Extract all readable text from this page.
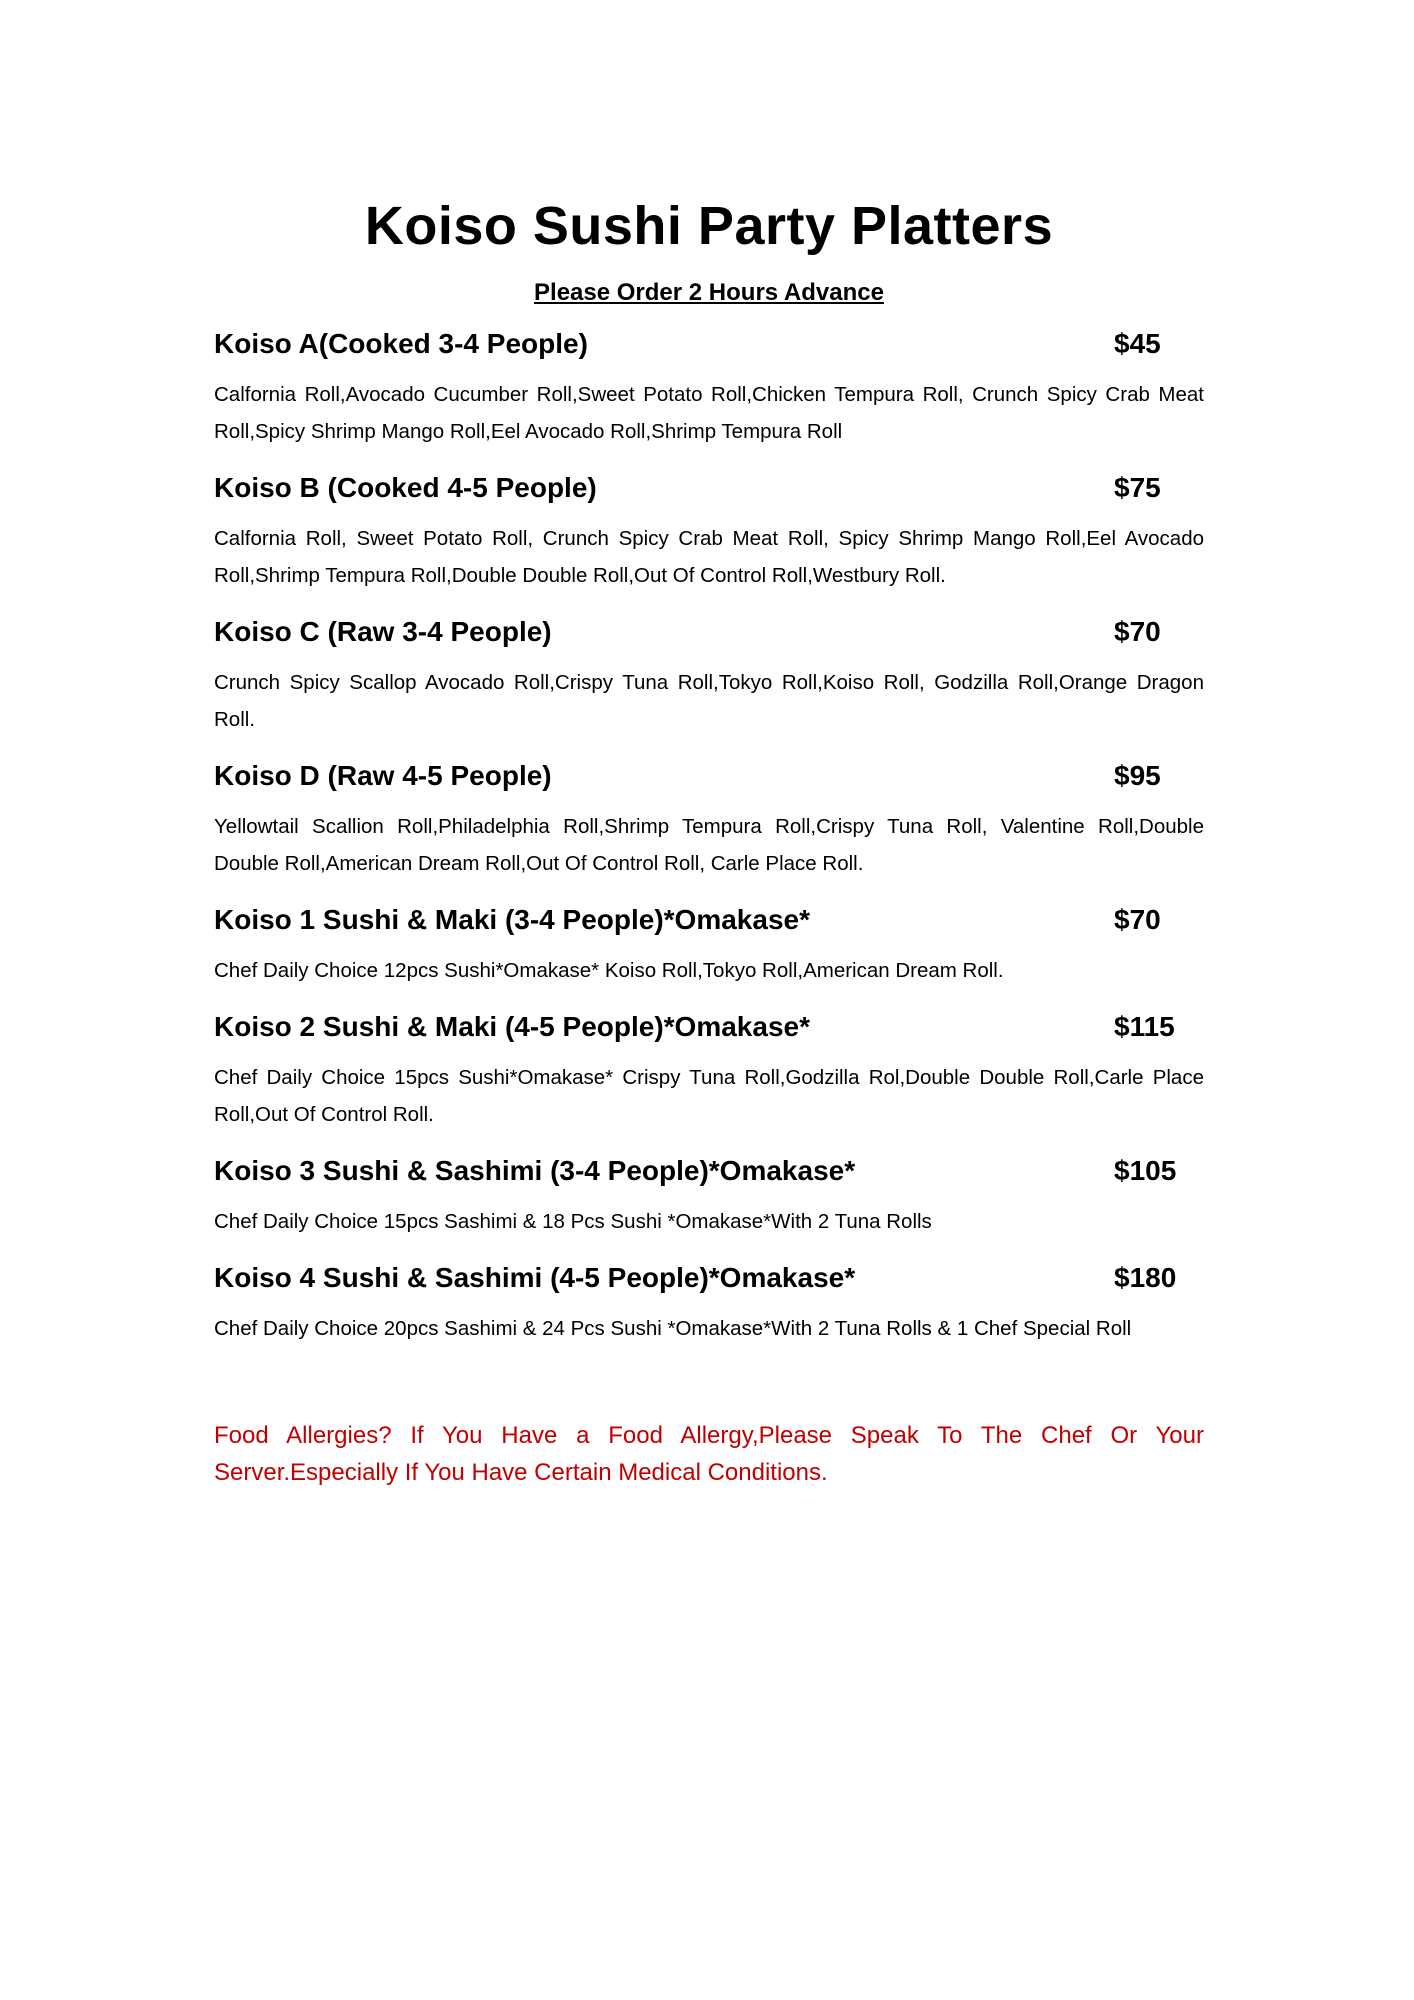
Koiso Sushi Party Platters
Please Order 2 Hours Advance
Koiso A(Cooked 3-4 People)	$45
Calfornia Roll,Avocado Cucumber Roll,Sweet Potato Roll,Chicken Tempura Roll, Crunch Spicy Crab Meat Roll,Spicy Shrimp Mango Roll,Eel Avocado Roll,Shrimp Tempura Roll
Koiso B (Cooked 4-5 People)	$75
Calfornia Roll, Sweet Potato Roll, Crunch Spicy Crab Meat Roll, Spicy Shrimp Mango Roll,Eel Avocado Roll,Shrimp Tempura Roll,Double Double Roll,Out Of Control Roll,Westbury Roll.
Koiso C (Raw 3-4 People)	$70
Crunch Spicy Scallop Avocado Roll,Crispy Tuna Roll,Tokyo Roll,Koiso Roll, Godzilla Roll,Orange Dragon Roll.
Koiso D (Raw 4-5 People)	$95
Yellowtail Scallion Roll,Philadelphia Roll,Shrimp Tempura Roll,Crispy Tuna Roll, Valentine Roll,Double Double Roll,American Dream Roll,Out Of Control Roll, Carle Place Roll.
Koiso 1 Sushi & Maki (3-4 People)*Omakase*	$70
Chef Daily Choice 12pcs Sushi*Omakase* Koiso Roll,Tokyo Roll,American Dream Roll.
Koiso 2 Sushi & Maki (4-5 People)*Omakase*	$115
Chef Daily Choice 15pcs Sushi*Omakase* Crispy Tuna Roll,Godzilla Rol,Double Double Roll,Carle Place Roll,Out Of Control Roll.
Koiso 3 Sushi & Sashimi (3-4 People)*Omakase*	$105
Chef Daily Choice 15pcs Sashimi & 18 Pcs Sushi *Omakase*With 2 Tuna Rolls
Koiso 4 Sushi & Sashimi (4-5 People)*Omakase*	$180
Chef Daily Choice 20pcs Sashimi & 24 Pcs Sushi *Omakase*With 2 Tuna Rolls & 1 Chef Special Roll
Food Allergies? If You Have a Food Allergy,Please Speak To The Chef Or Your Server.Especially If You Have Certain Medical Conditions.
